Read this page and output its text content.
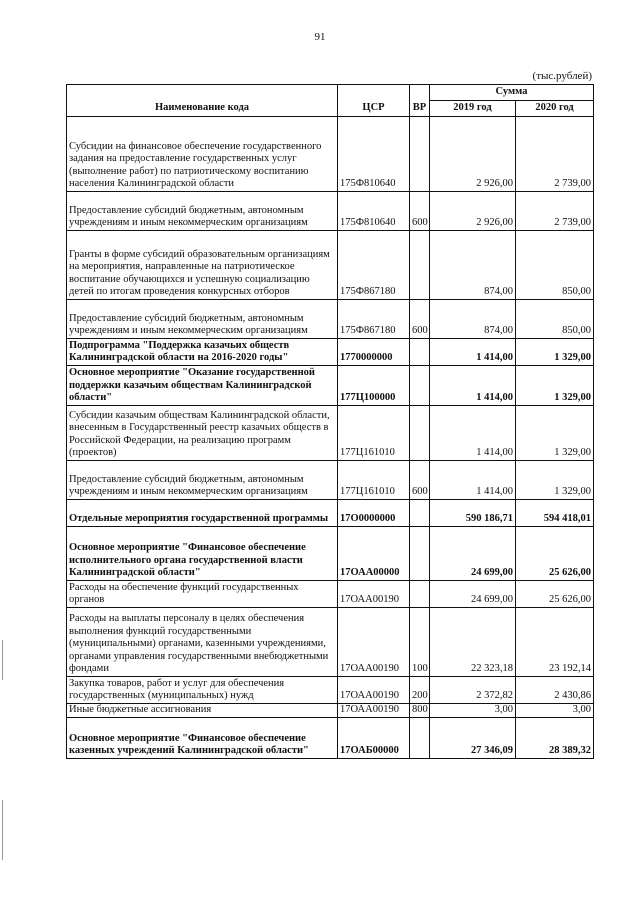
91
(тыс.рублей)
Наименование кода	ЦСР	ВР	Сумма	
			2019 год	2020 год
Субсидии на финансовое обеспечение государственного задания на предоставление государственных услуг (выполнение работ) по патриотическому воспитанию населения Калининградской области	175Ф810640		2 926,00	2 739,00
Предоставление субсидий бюджетным, автономным учреждениям и иным некоммерческим организациям	175Ф810640	600	2 926,00	2 739,00
Гранты в форме субсидий образовательным организациям на мероприятия, направленные на патриотическое воспитание обучающихся и успешную социализацию детей по итогам проведения конкурсных отборов	175Ф867180		874,00	850,00
Предоставление субсидий бюджетным, автономным учреждениям и иным некоммерческим организациям	175Ф867180	600	874,00	850,00
Подпрограмма "Поддержка казачьих обществ Калининградской области на 2016-2020 годы"	1770000000		1 414,00	1 329,00
Основное мероприятие "Оказание государственной поддержки казачьим обществам Калининградской области"	177Ц100000		1 414,00	1 329,00
Субсидии казачьим обществам Калининградской области, внесенным в Государственный реестр казачьих обществ в Российской Федерации, на реализацию программ (проектов)	177Ц161010		1 414,00	1 329,00
Предоставление субсидий бюджетным, автономным учреждениям и иным некоммерческим организациям	177Ц161010	600	1 414,00	1 329,00
Отдельные мероприятия государственной программы	17О0000000		590 186,71	594 418,01
Основное мероприятие "Финансовое обеспечение исполнительного органа государственной власти Калининградской области"	17ОАА00000		24 699,00	25 626,00
Расходы на обеспечение функций государственных органов	17ОАА00190		24 699,00	25 626,00
Расходы на выплаты персоналу в целях обеспечения выполнения функций государственными (муниципальными) органами, казенными учреждениями, органами управления государственными внебюджетными фондами	17ОАА00190	100	22 323,18	23 192,14
Закупка товаров, работ и услуг для обеспечения государственных (муниципальных) нужд	17ОАА00190	200	2 372,82	2 430,86
Иные бюджетные ассигнования	17ОАА00190	800	3,00	3,00
Основное мероприятие "Финансовое обеспечение казенных учреждений Калининградской области"	17ОАБ00000		27 346,09	28 389,32
